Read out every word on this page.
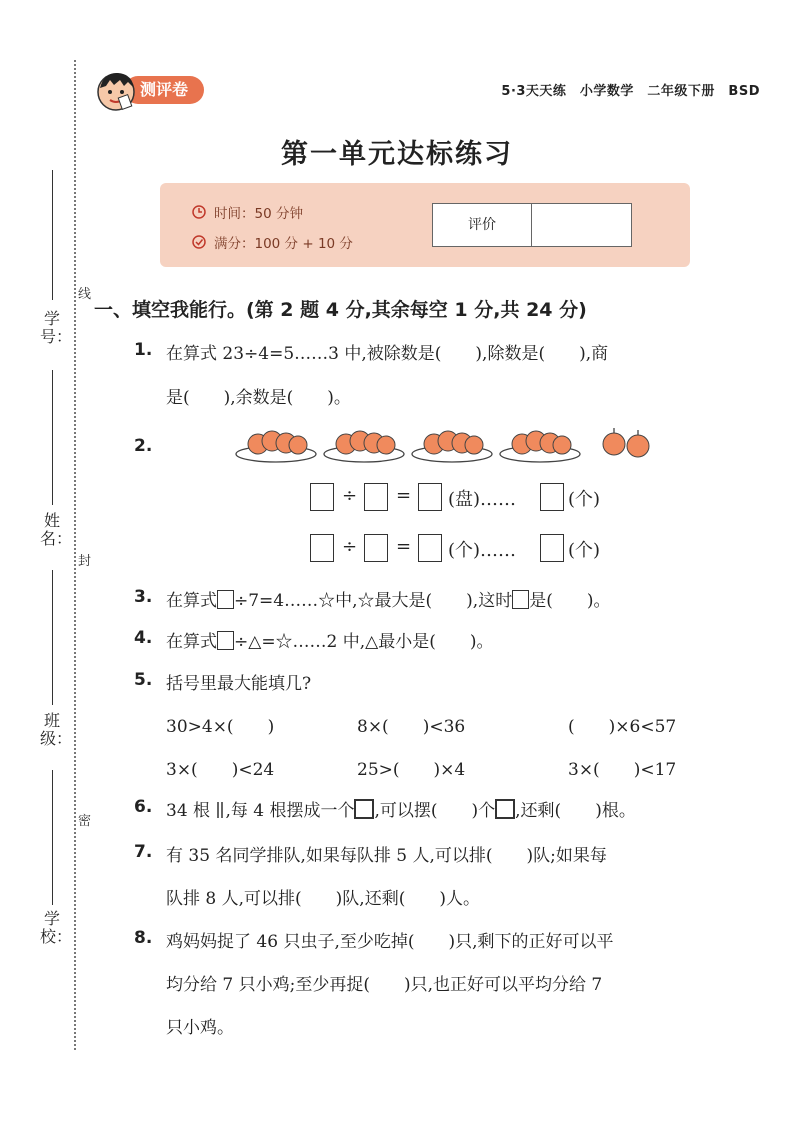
学号：
姓名：
班级：
学校：
线
封
密
测评卷	5·3天天练　小学数学　二年级下册　BSD
第一单元达标练习
时间：50 分钟
满分：100 分 + 10 分
评价
一、填空我能行。(第 2 题 4 分,其余每空 1 分,共 24 分)
1. 在算式 23÷4=5……3 中,被除数是(　　),除数是(　　),商
是(　　),余数是(　　)。
2.
÷ = (盘)……	(个)
÷ = (个)……	(个)
3. 在算式 ÷7=4……☆中,☆最大是(　　),这时 是(　　)。
4. 在算式 ÷△=☆……2 中,△最小是(　　)。
5. 括号里最大能填几?
30>4×(　　)	8×(　　)<36	(　　)×6<57
3×(　　)<24	25>(　　)×4	3×(　　)<17
6. 34 根 ,每 4 根摆成一个 ,可以摆(　　)个 ,还剩(　　)根。
7. 有 35 名同学排队,如果每队排 5 人,可以排(　　)队;如果每
队排 8 人,可以排(　　)队,还剩(　　)人。
8. 鸡妈妈捉了 46 只虫子,至少吃掉(　　)只,剩下的正好可以平
均分给 7 只小鸡;至少再捉(　　)只,也正好可以平均分给 7
只小鸡。
